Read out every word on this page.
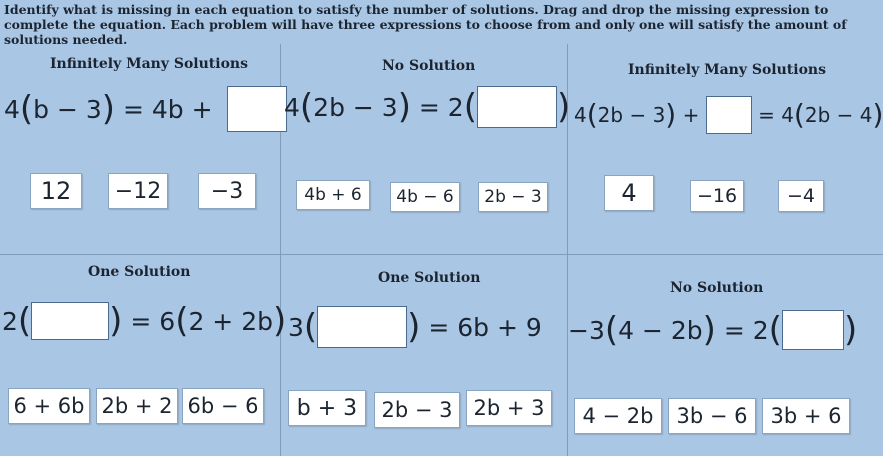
Identify what is missing in each equation to satisfy the number of solutions. Drag and drop the missing expression to complete the equation. Each problem will have three expressions to choose from and only one will satisfy the amount of solutions needed.
Infinitely Many Solutions
4 ( b − 3 ) = 4b +
12	−12	−3
No Solution
4 ( 2b − 3 ) = 2 ( )
4b + 6	4b − 6	2b − 3
Infinitely Many Solutions
4 ( 2b − 3 ) + = 4 ( 2b − 4 )
4	−16	−4
One Solution
2 ( ) = 6 ( 2 + 2b )
6 + 6b 2b + 2 6b − 6
One Solution
3 (	) = 6b + 9
b + 3	2b − 3	2b + 3
No Solution
−3 ( 4 − 2b ) = 2 ( )
4 − 2b	3b − 6	3b + 6
